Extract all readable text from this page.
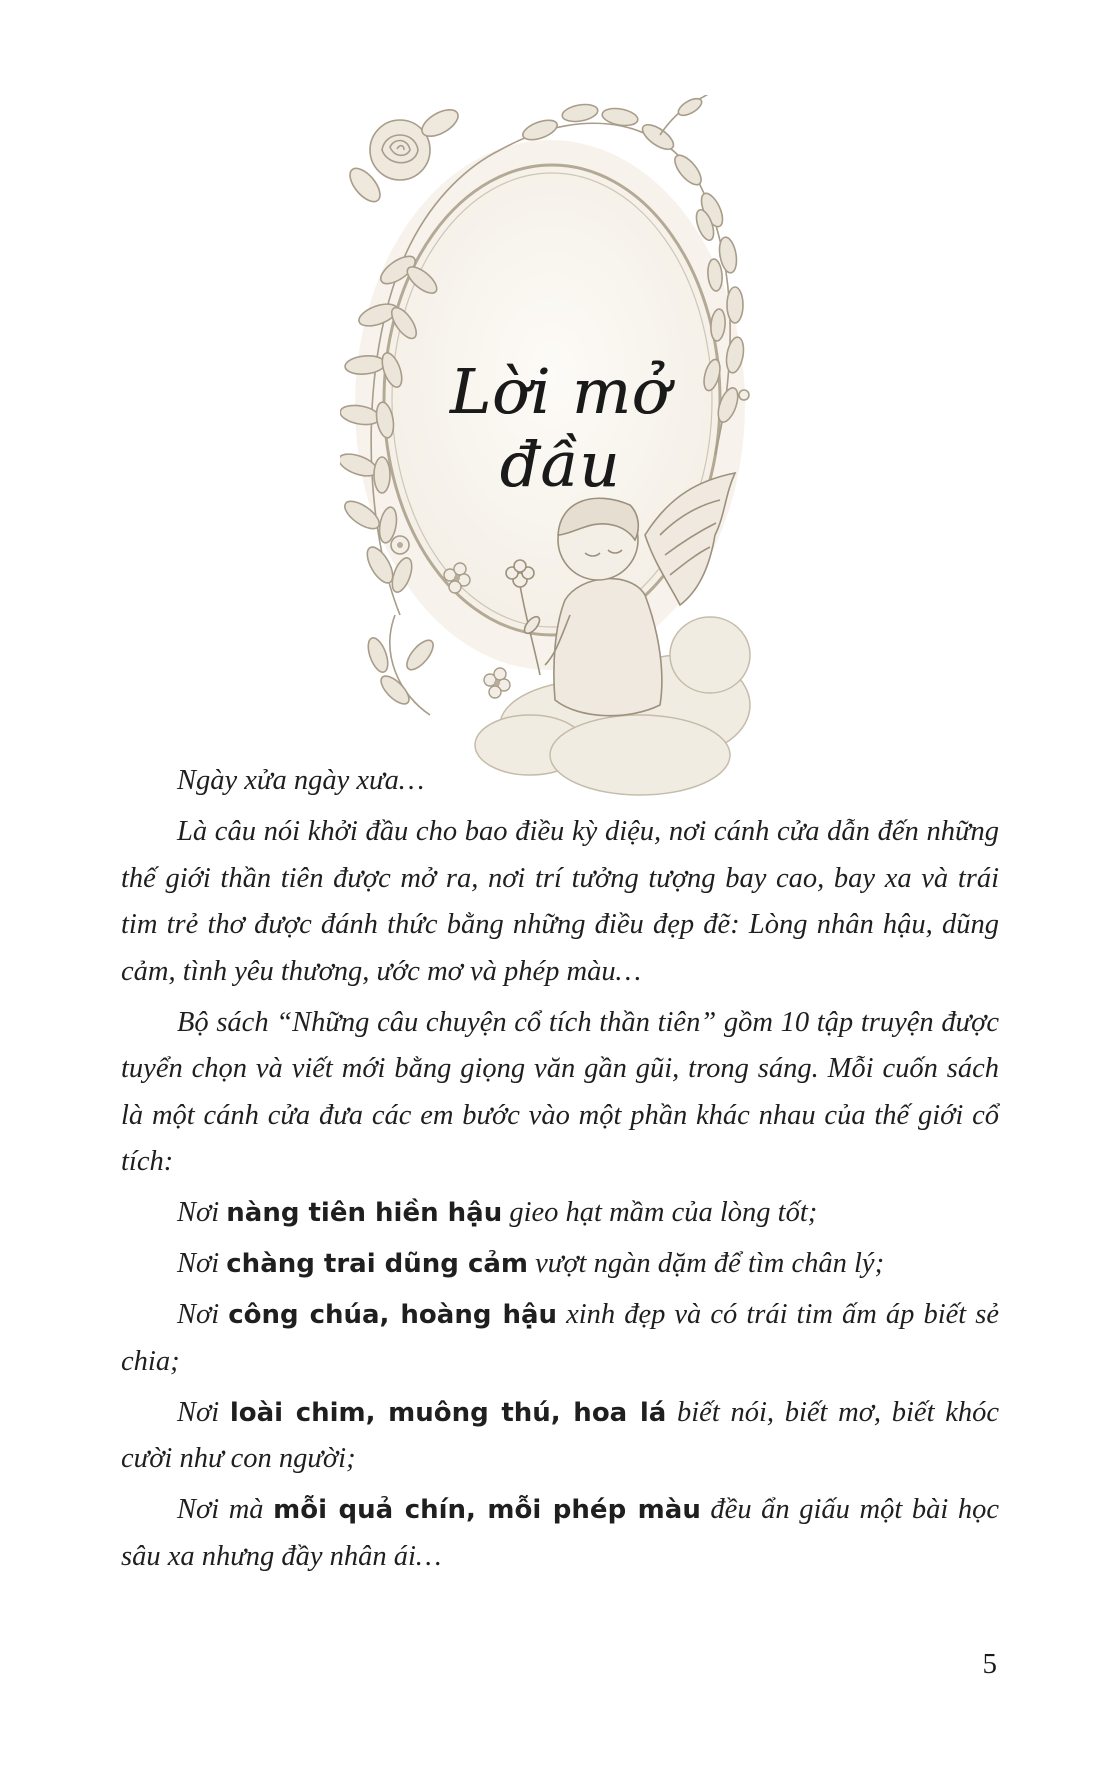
Lời mở đầu

Ngày xửa ngày xưa…

Là câu nói khởi đầu cho bao điều kỳ diệu, nơi cánh cửa dẫn đến những thế giới thần tiên được mở ra, nơi trí tưởng tượng bay cao, bay xa và trái tim trẻ thơ được đánh thức bằng những điều đẹp đẽ: Lòng nhân hậu, dũng cảm, tình yêu thương, ước mơ và phép màu…

Bộ sách “Những câu chuyện cổ tích thần tiên” gồm 10 tập truyện được tuyển chọn và viết mới bằng giọng văn gần gũi, trong sáng. Mỗi cuốn sách là một cánh cửa đưa các em bước vào một phần khác nhau của thế giới cổ tích:

Nơi nàng tiên hiền hậu gieo hạt mầm của lòng tốt;

Nơi chàng trai dũng cảm vượt ngàn dặm để tìm chân lý;

Nơi công chúa, hoàng hậu xinh đẹp và có trái tim ấm áp biết sẻ chia;

Nơi loài chim, muông thú, hoa lá biết nói, biết mơ, biết khóc cười như con người;

Nơi mà mỗi quả chín, mỗi phép màu đều ẩn giấu một bài học sâu xa nhưng đầy nhân ái…

5
